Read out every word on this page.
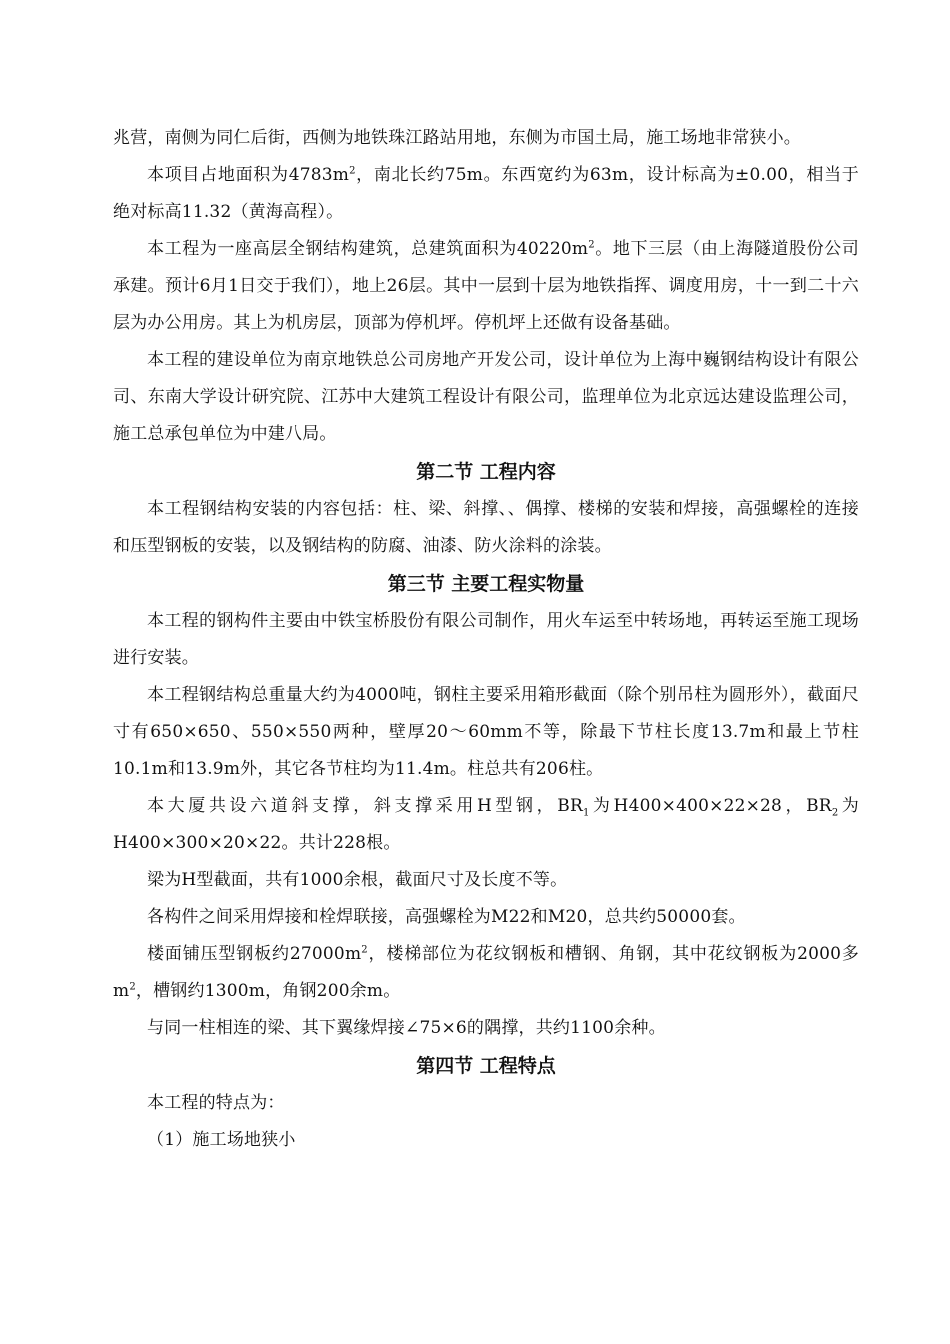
兆营，南侧为同仁后街，西侧为地铁珠江路站用地，东侧为市国土局，施工场地非常狭小。

本项目占地面积为$4783m^2$，南北长约75m。东西宽约为63m，设计标高为±0.00，相当于绝对标高11.32（黄海高程）。

本工程为一座高层全钢结构建筑，总建筑面积为$40220m^2$。地下三层（由上海隧道股份公司承建。预计6月1日交于我们），地上26层。其中一层到十层为地铁指挥、调度用房，十一到二十六层为办公用房。其上为机房层，顶部为停机坪。停机坪上还做有设备基础。

本工程的建设单位为南京地铁总公司房地产开发公司，设计单位为上海中巍钢结构设计有限公司、东南大学设计研究院、江苏中大建筑工程设计有限公司，监理单位为北京远达建设监理公司，施工总承包单位为中建八局。

第二节 工程内容

本工程钢结构安装的内容包括：柱、梁、斜撑、、偶撑、楼梯的安装和焊接，高强螺栓的连接和压型钢板的安装，以及钢结构的防腐、油漆、防火涂料的涂装。

第三节 主要工程实物量

本工程的钢构件主要由中铁宝桥股份有限公司制作，用火车运至中转场地，再转运至施工现场进行安装。

本工程钢结构总重量大约为4000吨，钢柱主要采用箱形截面（除个别吊柱为圆形外），截面尺寸有650×650、550×550两种，壁厚20～60mm不等，除最下节柱长度13.7m和最上节柱10.1m和13.9m外，其它各节柱均为11.4m。柱总共有206柱。

本大厦共设六道斜支撑，斜支撑采用H型钢，$BR_1$为H400×400×22×28，$BR_2$为H400×300×20×22。共计228根。

梁为H型截面，共有1000余根，截面尺寸及长度不等。

各构件之间采用焊接和栓焊联接，高强螺栓为M22和M20，总共约50000套。

楼面铺压型钢板约$27000m^2$，楼梯部位为花纹钢板和槽钢、角钢，其中花纹钢板为2000多$m^2$，槽钢约1300m，角钢200余m。

与同一柱相连的梁、其下翼缘焊接∠75×6的隅撑，共约1100余种。

第四节 工程特点

本工程的特点为：

（1）施工场地狭小
